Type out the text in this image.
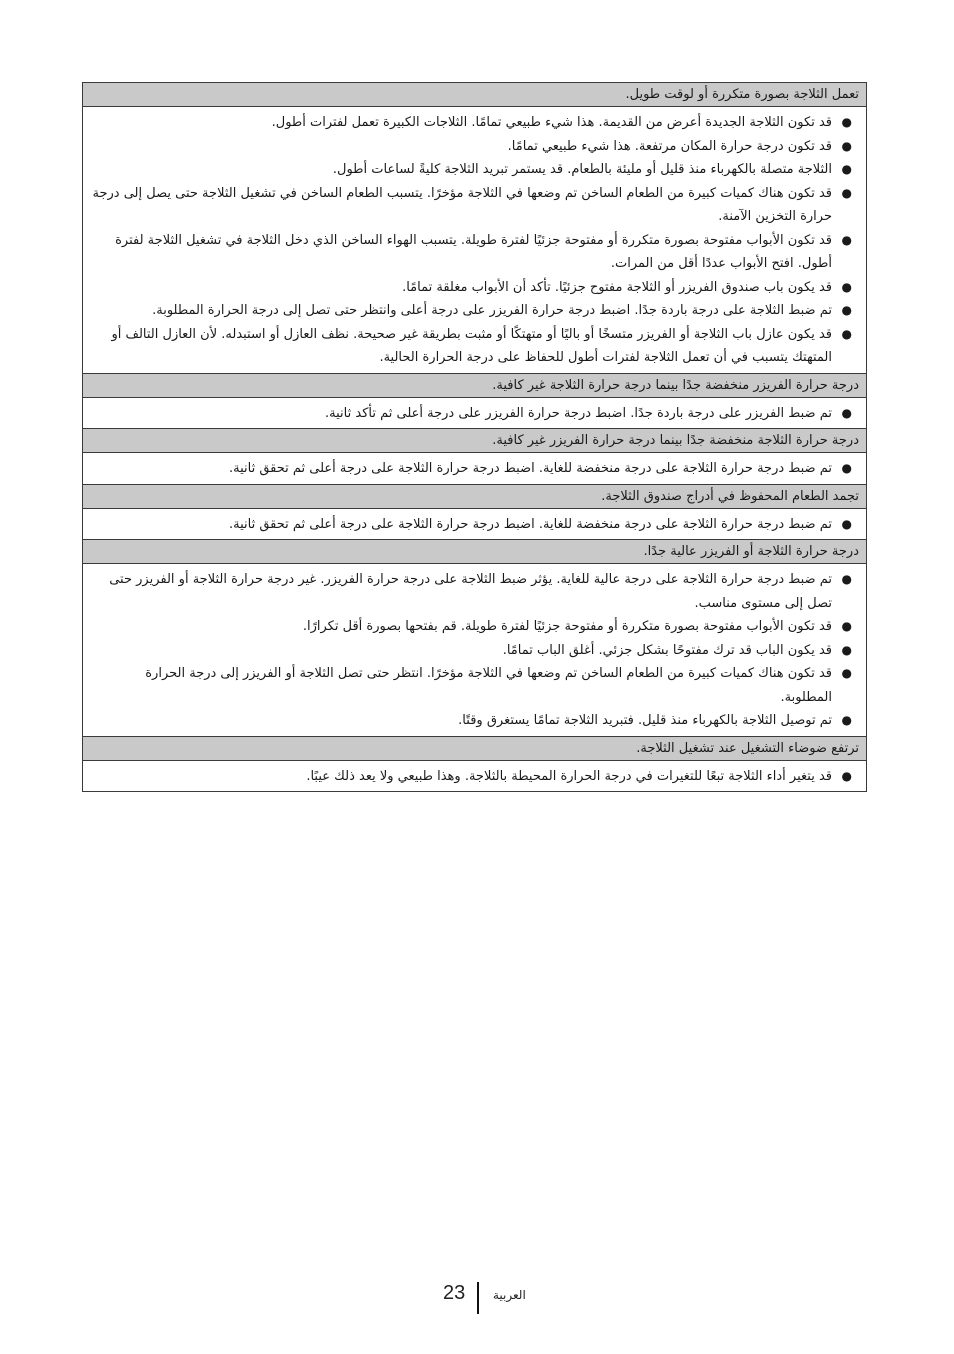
تعمل الثلاجة بصورة متكررة أو لوقت طويل.
●
قد تكون الثلاجة الجديدة أعرض من القديمة. هذا شيء طبيعي تمامًا. الثلاجات الكبيرة تعمل لفترات أطول.
●
قد تكون درجة حرارة المكان مرتفعة. هذا شيء طبيعي تمامًا.
●
الثلاجة متصلة بالكهرباء منذ قليل أو مليئة بالطعام. قد يستمر تبريد الثلاجة كليةً لساعات أطول.
●
قد تكون هناك كميات كبيرة من الطعام الساخن تم وضعها في الثلاجة مؤخرًا. يتسبب الطعام الساخن في تشغيل الثلاجة حتى يصل إلى درجة حرارة التخزين الآمنة.
●
قد تكون الأبواب مفتوحة بصورة متكررة أو مفتوحة جزئيًا لفترة طويلة. يتسبب الهواء الساخن الذي دخل الثلاجة في تشغيل الثلاجة لفترة أطول. افتح الأبواب عددًا أقل من المرات.
●
قد يكون باب صندوق الفريزر أو الثلاجة مفتوح جزئيًا. تأكد أن الأبواب مغلقة تمامًا.
●
تم ضبط الثلاجة على درجة باردة جدًا. اضبط درجة حرارة الفريزر على درجة أعلى وانتظر حتى تصل إلى درجة الحرارة المطلوبة.
●
قد يكون عازل باب الثلاجة أو الفريزر متسخًا أو باليًا أو متهتكًا أو مثبت بطريقة غير صحيحة. نظف العازل أو استبدله. لأن العازل التالف أو المتهتك يتسبب في أن تعمل الثلاجة لفترات أطول للحفاظ على درجة الحرارة الحالية.
درجة حرارة الفريزر منخفضة جدًا بينما درجة حرارة الثلاجة غير كافية.
●
تم ضبط الفريزر على درجة باردة جدًا. اضبط درجة حرارة الفريزر على درجة أعلى ثم تأكد ثانية.
درجة حرارة الثلاجة منخفضة جدًا بينما درجة حرارة الفريزر غير كافية.
●
تم ضبط درجة حرارة الثلاجة على درجة منخفضة للغاية. اضبط درجة حرارة الثلاجة على درجة أعلى ثم تحقق ثانية.
تجمد الطعام المحفوظ في أدراج صندوق الثلاجة.
●
تم ضبط درجة حرارة الثلاجة على درجة منخفضة للغاية. اضبط درجة حرارة الثلاجة على درجة أعلى ثم تحقق ثانية.
درجة حرارة الثلاجة أو الفريزر عالية جدًا.
●
تم ضبط درجة حرارة الثلاجة على درجة عالية للغاية. يؤثر ضبط الثلاجة على درجة حرارة الفريزر. غير درجة حرارة الثلاجة أو الفريزر حتى تصل إلى مستوى مناسب.
●
قد تكون الأبواب مفتوحة بصورة متكررة أو مفتوحة جزئيًا لفترة طويلة. قم بفتحها بصورة أقل تكرارًا.
●
قد يكون الباب قد ترك مفتوحًا بشكل جزئي. أغلق الباب تمامًا.
●
قد تكون هناك كميات كبيرة من الطعام الساخن تم وضعها في الثلاجة مؤخرًا. انتظر حتى تصل الثلاجة أو الفريزر إلى درجة الحرارة المطلوبة.
●
تم توصيل الثلاجة بالكهرباء منذ قليل. فتبريد الثلاجة تمامًا يستغرق وقتًا.
ترتفع ضوضاء التشغيل عند تشغيل الثلاجة.
●
قد يتغير أداء الثلاجة تبعًا للتغيرات في درجة الحرارة المحيطة بالثلاجة. وهذا طبيعي ولا يعد ذلك عيبًا.
23 العربية
